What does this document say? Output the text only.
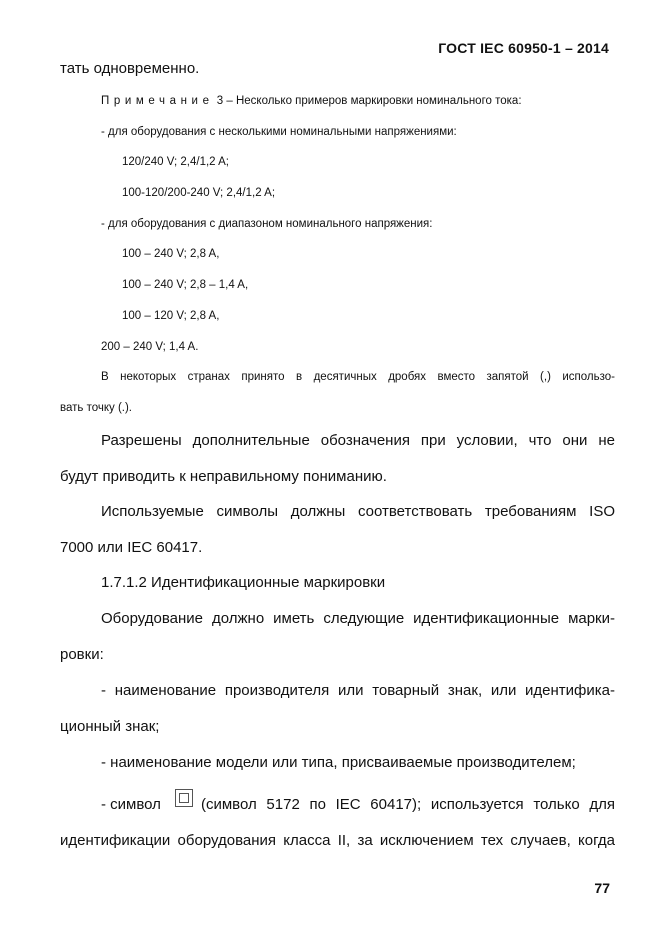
ГОСТ IEC 60950-1 – 2014
тать одновременно.
Примечание 3 – Несколько примеров маркировки номинального тока:
- для оборудования с несколькими номинальными напряжениями:
120/240 V; 2,4/1,2 A;
100-120/200-240 V; 2,4/1,2 A;
- для оборудования с диапазоном номинального напряжения:
100 – 240 V; 2,8 A,
100 – 240 V; 2,8 – 1,4 A,
100 – 120 V; 2,8 A,
200 – 240 V; 1,4 A.
В некоторых странах принято в десятичных дробях вместо запятой (,) использо-
вать точку (.).
Разрешены дополнительные обозначения при условии, что они не
будут приводить к неправильному пониманию.
Используемые символы должны соответствовать требованиям ISO
7000 или IEC 60417.
1.7.1.2 Идентификационные маркировки
Оборудование должно иметь следующие идентификационные марки-
ровки:
- наименование производителя или товарный знак, или идентифика-
ционный знак;
- наименование модели или типа, присваиваемые производителем;
- символ	(символ 5172 по IEC 60417); используется только для
идентификации оборудования класса II, за исключением тех случаев, когда
77
